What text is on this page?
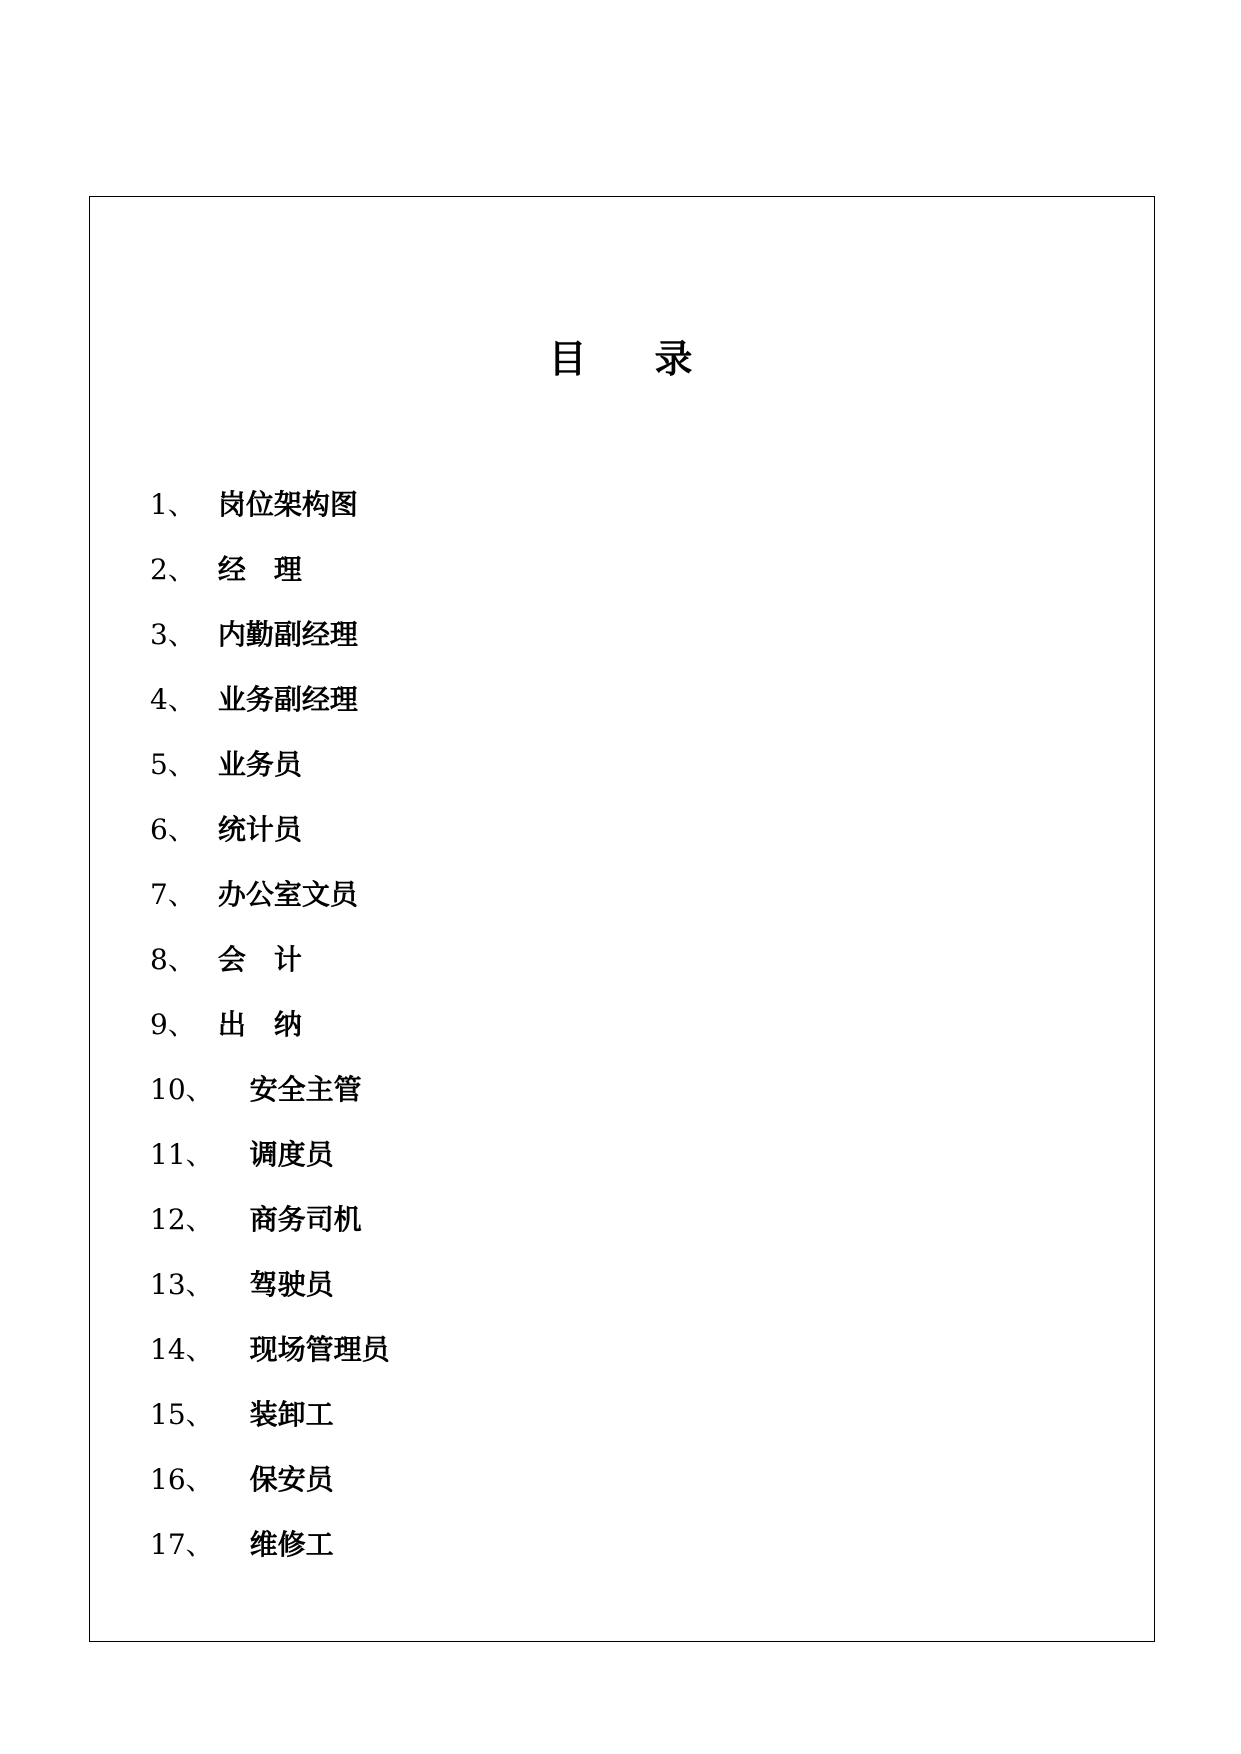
目 录
1、 岗位架构图
2、 经　理
3、 内勤副经理
4、 业务副经理
5、 业务员
6、 统计员
7、 办公室文员
8、 会　计
9、 出　纳
10、 安全主管
11、 调度员
12、 商务司机
13、 驾驶员
14、 现场管理员
15、 装卸工
16、 保安员
17、 维修工
